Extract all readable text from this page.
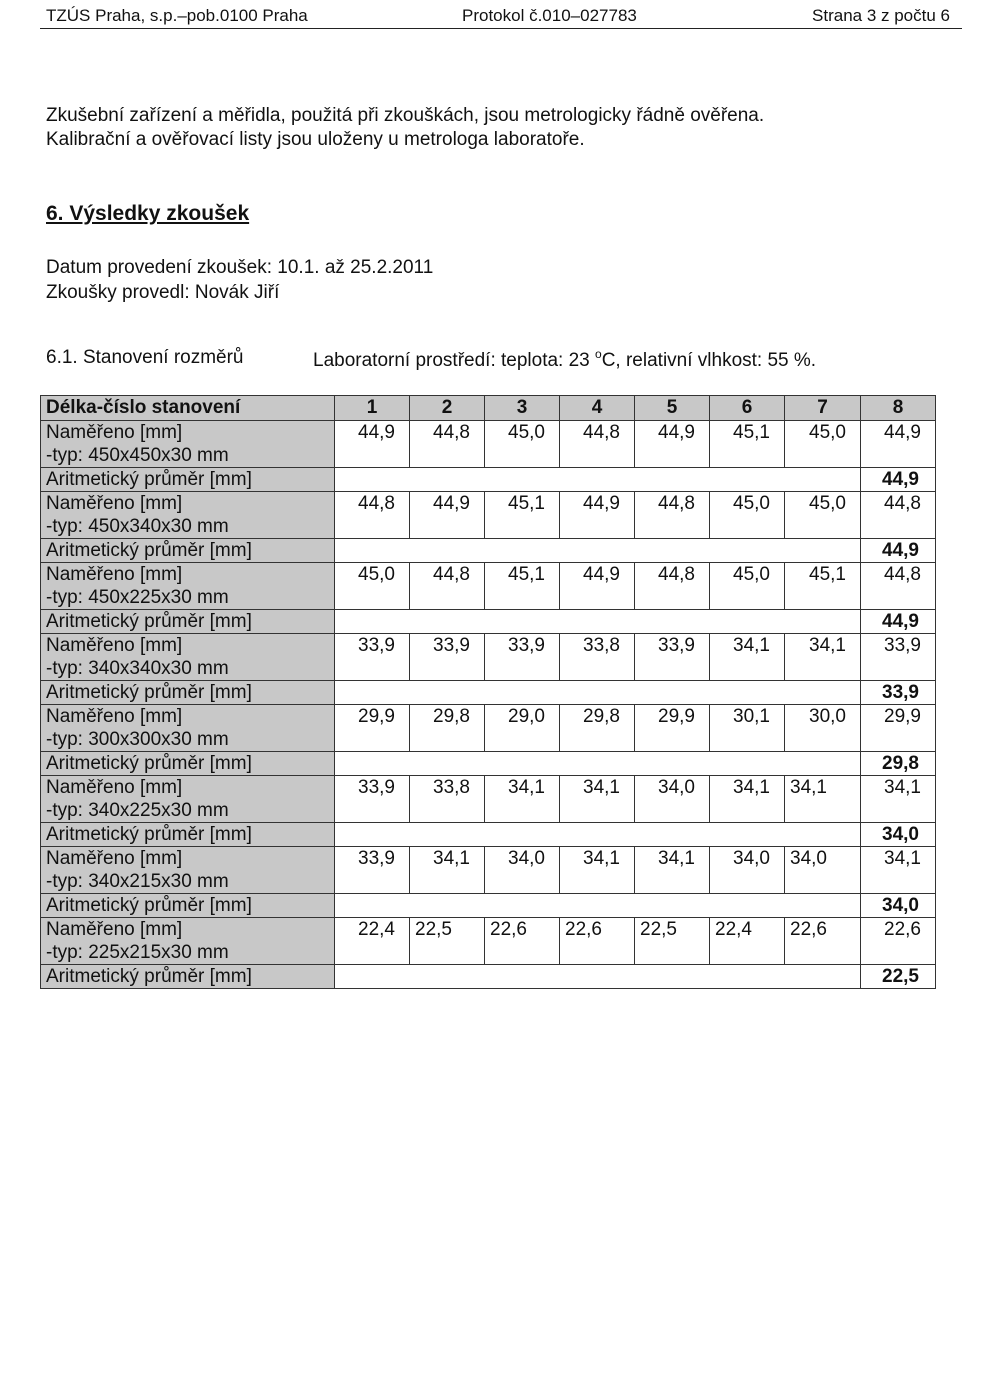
TZÚS Praha, s.p.–pob.0100 Praha	Protokol č.010–027783	Strana 3 z počtu 6
Zkušební zařízení a měřidla, použitá při zkouškách, jsou metrologicky řádně ověřena.
Kalibrační a ověřovací listy jsou uloženy u metrologa laboratoře.
6. Výsledky zkoušek
Datum provedení zkoušek: 10.1. až 25.2.2011
Zkoušky provedl: Novák Jiří
6.1. Stanovení rozměrů	Laboratorní prostředí: teplota: 23 $^o$C, relativní vlhkost: 55 %.
Délka-číslo stanovení	1	2	3	4	5	6	7	8

Naměřeno [mm]
-typ: 450x450x30 mm	44,9	44,8	45,0	44,8	44,9	45,1	45,0	44,9
Aritmetický průměr [mm]								44,9

Naměřeno [mm]
-typ: 450x340x30 mm	44,8	44,9	45,1	44,9	44,8	45,0	45,0	44,8
Aritmetický průměr [mm]								44,9

Naměřeno [mm]
-typ: 450x225x30 mm	45,0	44,8	45,1	44,9	44,8	45,0	45,1	44,8
Aritmetický průměr [mm]								44,9

Naměřeno [mm]
-typ: 340x340x30 mm	33,9	33,9	33,9	33,8	33,9	34,1	34,1	33,9
Aritmetický průměr [mm]								33,9

Naměřeno [mm]
-typ: 300x300x30 mm	29,9	29,8	29,0	29,8	29,9	30,1	30,0	29,9
Aritmetický průměr [mm]								29,8

Naměřeno [mm]
-typ: 340x225x30 mm	33,9	33,8	34,1	34,1	34,0	34,1	34,1	34,1
Aritmetický průměr [mm]								34,0

Naměřeno [mm]
-typ: 340x215x30 mm	33,9	34,1	34,0	34,1	34,1	34,0	34,0	34,1
Aritmetický průměr [mm]								34,0

Naměřeno [mm]
-typ: 225x215x30 mm	22,4	22,5	22,6	22,6	22,5	22,4	22,6	22,6
Aritmetický průměr [mm]								22,5
